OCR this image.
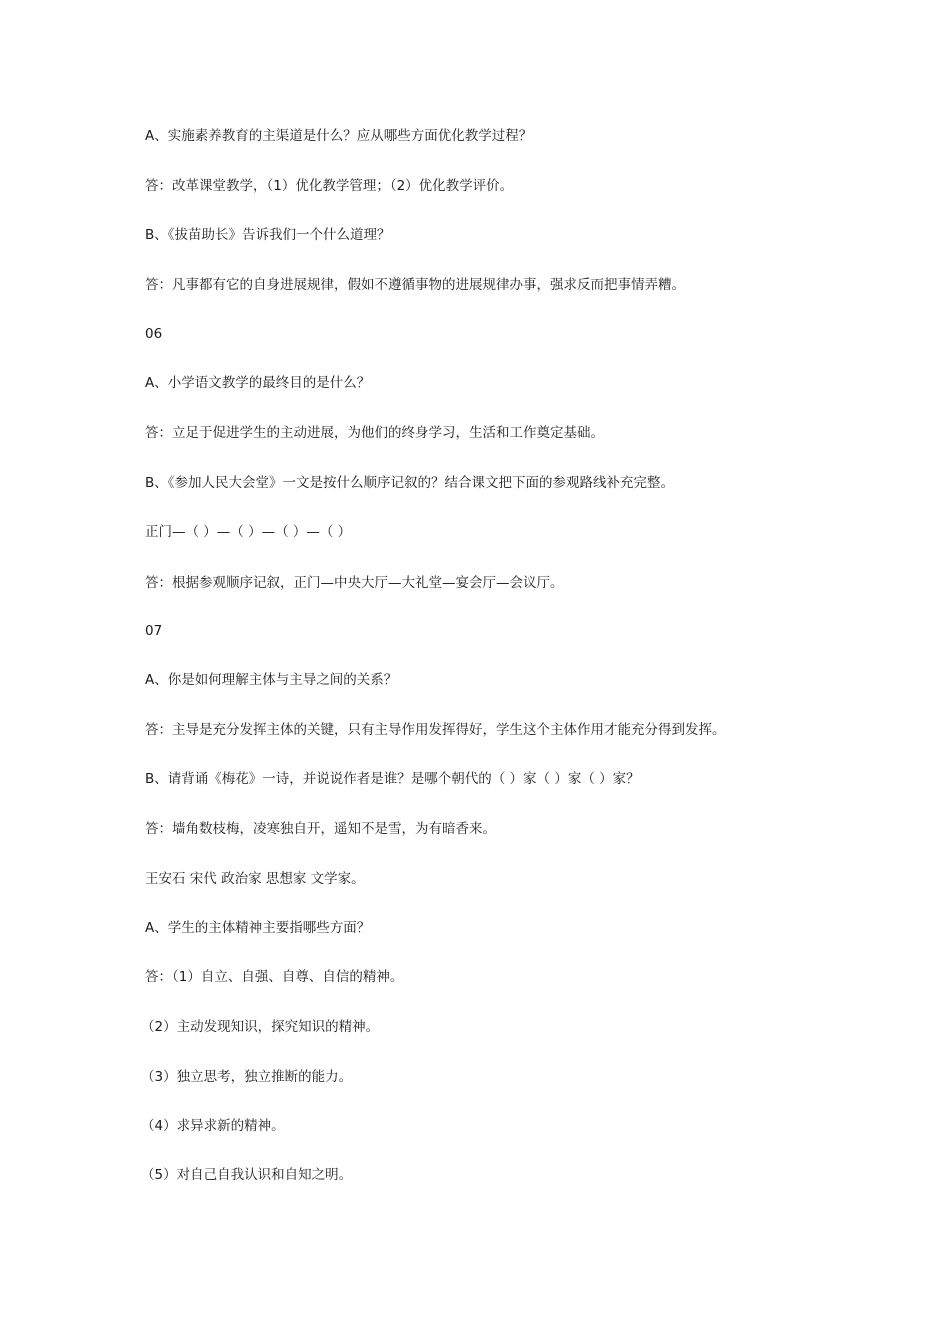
A、实施素养教育的主渠道是什么？应从哪些方面优化教学过程？

答：改革课堂教学，（1）优化教学管理；（2）优化教学评价。

B、《拔苗助长》告诉我们一个什么道理？

答：凡事都有它的自身进展规律，假如不遵循事物的进展规律办事，强求反而把事情弄糟。

06

A、小学语文教学的最终目的是什么？

答：立足于促进学生的主动进展，为他们的终身学习，生活和工作奠定基础。

B、《参加人民大会堂》一文是按什么顺序记叙的？结合课文把下面的参观路线补充完整。

正门—（ ）—（ ）—（ ）—（ ）

答：根据参观顺序记叙，正门—中央大厅—大礼堂—宴会厅—会议厅。

07

A、你是如何理解主体与主导之间的关系？

答：主导是充分发挥主体的关键，只有主导作用发挥得好，学生这个主体作用才能充分得到发挥。

B、请背诵《梅花》一诗，并说说作者是谁？是哪个朝代的（ ）家（ ）家（ ）家？

答：墙角数枝梅，凌寒独自开，遥知不是雪，为有暗香来。

王安石 宋代 政治家 思想家 文学家。

A、学生的主体精神主要指哪些方面？

答：（1）自立、自强、自尊、自信的精神。

（2）主动发现知识，探究知识的精神。

（3）独立思考，独立推断的能力。

（4）求异求新的精神。

（5）对自己自我认识和自知之明。
